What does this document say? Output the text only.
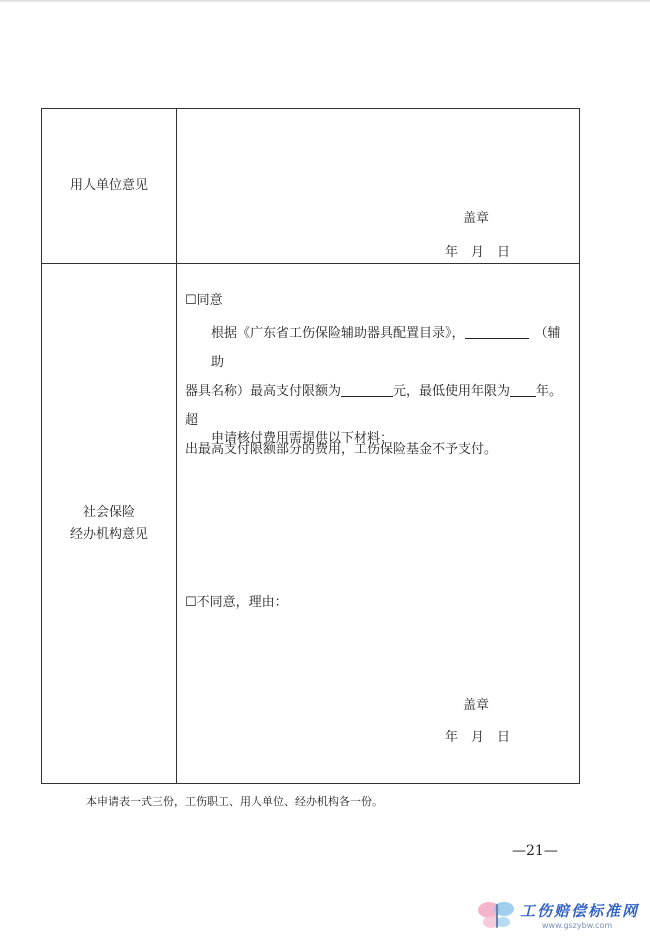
用人单位意见
盖章
年　月　日
社会保险
经办机构意见
☐同意
根据《广东省工伤保险辅助器具配置目录》，	（辅助
器具名称）最高支付限额为	元，最低使用年限为 年。超
出最高支付限额部分的费用，工伤保险基金不予支付。
申请核付费用需提供以下材料：
☐不同意，理由：
盖章
年　月　日
本申请表一式三份，工伤职工、用人单位、经办机构各一份。
—21—
工伤赔偿标准网
www.gszybw.com
